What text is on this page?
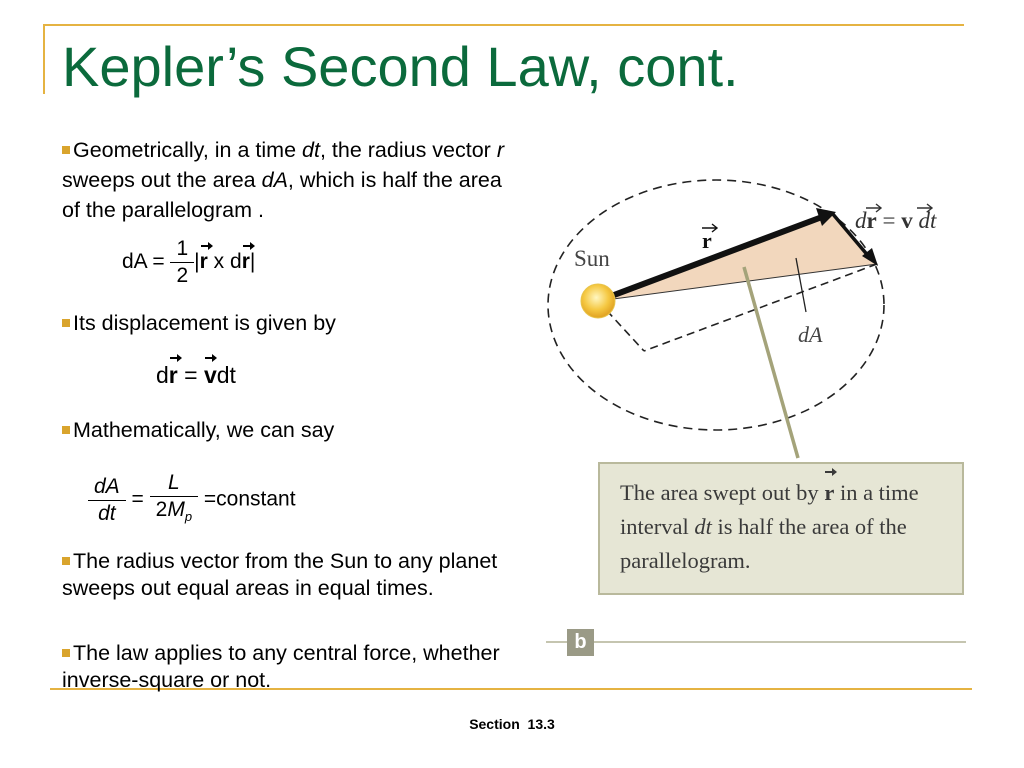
Kepler’s Second Law, cont.
Geometrically, in a time dt, the radius vector r sweeps out the area dA, which is half the area of the parallelogram .
dA = $\frac{1}{2} |r$ x dr|
Its displacement is given by
dr = vdt
Mathematically, we can say
$\frac{dA}{dt} = \frac{L}{2M_p}$ =constant
The radius vector from the Sun to any planet sweeps out equal areas in equal times.
The law applies to any central force, whether inverse-square or not.
Sun
r
dr = v dt
dA
The area swept out by r in a time interval dt is half the area of the parallelogram.
b
Section 13.3
